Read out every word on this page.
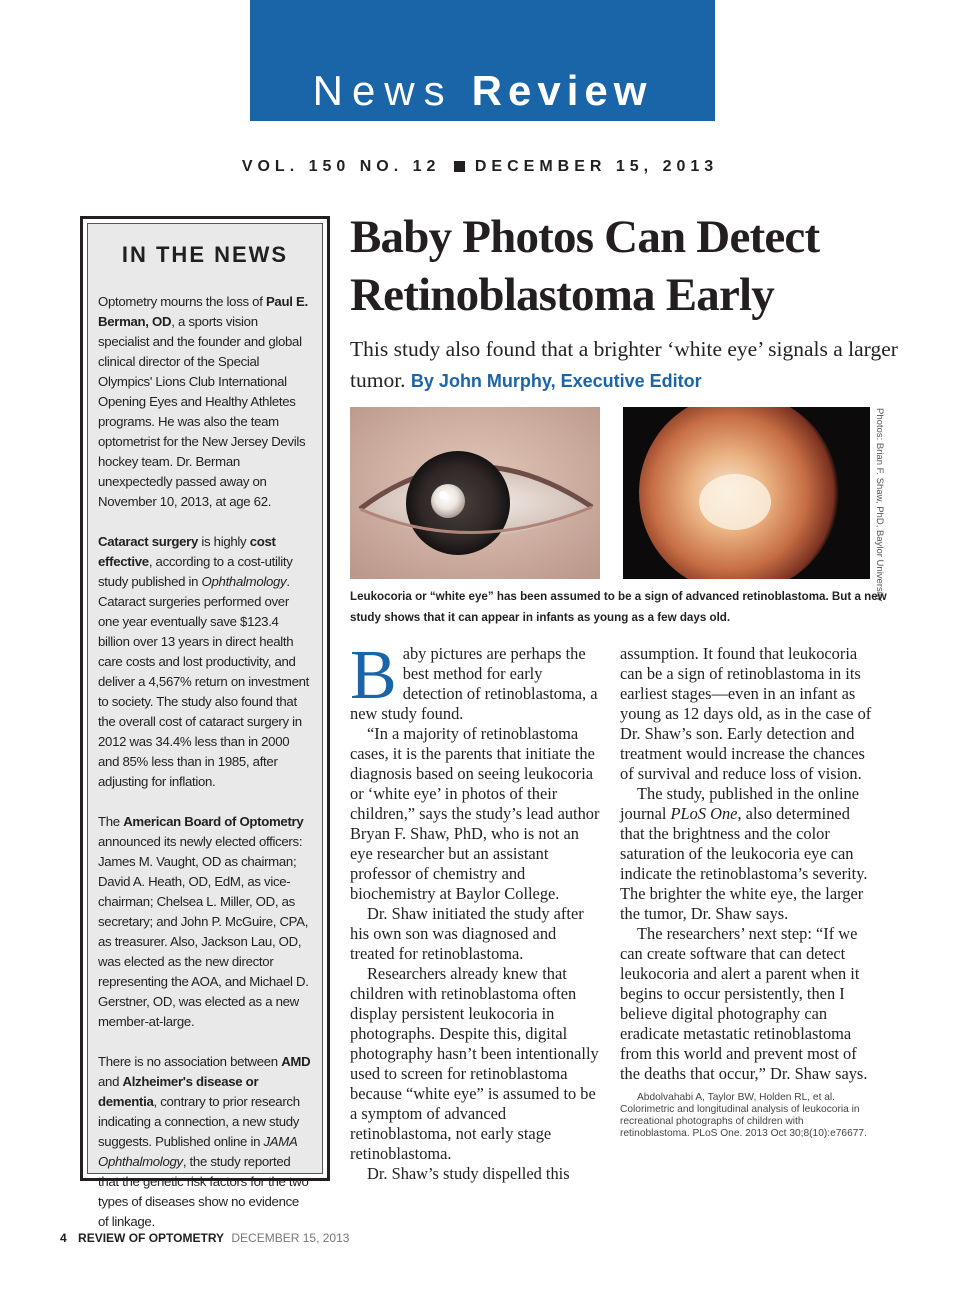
News Review
VOL. 150 NO. 12 DECEMBER 15, 2013
IN THE NEWS

Optometry mourns the loss of Paul E. Berman, OD, a sports vision specialist and the founder and global clinical director of the Special Olympics' Lions Club International Opening Eyes and Healthy Athletes programs. He was also the team optometrist for the New Jersey Devils hockey team. Dr. Berman unexpectedly passed away on November 10, 2013, at age 62.

Cataract surgery is highly cost effective, according to a cost-utility study published in Ophthalmology. Cataract surgeries performed over one year eventually save $123.4 billion over 13 years in direct health care costs and lost productivity, and deliver a 4,567% return on investment to society. The study also found that the overall cost of cataract surgery in 2012 was 34.4% less than in 2000 and 85% less than in 1985, after adjusting for inflation.

The American Board of Optometry announced its newly elected officers: James M. Vaught, OD as chairman; David A. Heath, OD, EdM, as vice-chairman; Chelsea L. Miller, OD, as secretary; and John P. McGuire, CPA, as treasurer. Also, Jackson Lau, OD, was elected as the new director representing the AOA, and Michael D. Gerstner, OD, was elected as a new member-at-large.

There is no association between AMD and Alzheimer's disease or dementia, contrary to prior research indicating a connection, a new study suggests. Published online in JAMA Ophthalmology, the study reported that the genetic risk factors for the two types of diseases show no evidence of linkage.

Baby Photos Can Detect Retinoblastoma Early
This study also found that a brighter ‘white eye’ signals a larger tumor. By John Murphy, Executive Editor
Photos: Brian F. Shaw, PhD, Baylor University
Leukocoria or “white eye” has been assumed to be a sign of advanced retinoblastoma. But a new study shows that it can appear in infants as young as a few days old.

Baby pictures are perhaps the best method for early detection of retinoblastoma, a new study found.

“In a majority of retinoblastoma cases, it is the parents that initiate the diagnosis based on seeing leukocoria or ‘white eye’ in photos of their children,” says the study’s lead author Bryan F. Shaw, PhD, who is not an eye researcher but an assistant professor of chemistry and biochemistry at Baylor College.

Dr. Shaw initiated the study after his own son was diagnosed and treated for retinoblastoma.

Researchers already knew that children with retinoblastoma often display persistent leukocoria in photographs. Despite this, digital photography hasn’t been intentionally used to screen for retinoblastoma because “white eye” is assumed to be a symptom of advanced retinoblastoma, not early stage retinoblastoma.

Dr. Shaw’s study dispelled this

assumption. It found that leukocoria can be a sign of retinoblastoma in its earliest stages—even in an infant as young as 12 days old, as in the case of Dr. Shaw’s son. Early detection and treatment would increase the chances of survival and reduce loss of vision.

The study, published in the online journal PLoS One, also determined that the brightness and the color saturation of the leukocoria eye can indicate the retinoblastoma’s severity. The brighter the white eye, the larger the tumor, Dr. Shaw says.

The researchers’ next step: “If we can create software that can detect leukocoria and alert a parent when it begins to occur persistently, then I believe digital photography can eradicate metastatic retinoblastoma from this world and prevent most of the deaths that occur,” Dr. Shaw says.

Abdolvahabi A, Taylor BW, Holden RL, et al. Colorimetric and longitudinal analysis of leukocoria in recreational photographs of children with retinoblastoma. PLoS One. 2013 Oct 30;8(10):e76677.

4 REVIEW OF OPTOMETRY DECEMBER 15, 2013
